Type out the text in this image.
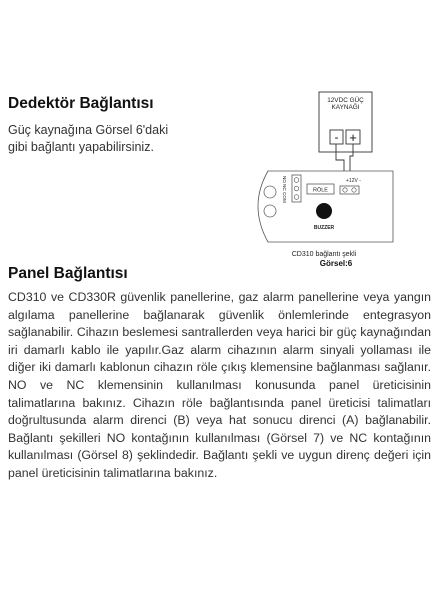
Dedektör Bağlantısı
Güç kaynağına Görsel 6'daki gibi bağlantı yapabilirsiniz.
12VDC GÜÇ
KAYNAĞI
- +
NO NC COM	RÖLE
+12V -
BUZZER
CD310 bağlantı şekli
Görsel:6
Panel Bağlantısı

CD310 ve CD330R güvenlik panellerine, gaz alarm panellerine veya yangın algılama panellerine bağlanarak güvenlik önlemlerinde entegrasyon sağlanabilir. Cihazın beslemesi santrallerden veya harici bir güç kaynağından iri damarlı kablo ile yapılır.Gaz alarm cihazının alarm sinyali yollaması ile diğer iki damarlı kablonun cihazın röle çıkış klemensine bağlanması sağlanır. NO ve NC klemensinin kullanılması konusunda panel üreticisinin talimatlarına bakınız. Cihazın röle bağlantısında panel üreticisi talimatları doğrultusunda alarm direnci (B) veya hat sonucu direnci (A) bağlanabilir. Bağlantı şekilleri NO kontağının kullanılması (Görsel 7) ve NC kontağının kullanılması (Görsel 8) şeklindedir. Bağlantı şekli ve uygun direnç değeri için panel üreticisinin talimatlarına bakınız.
